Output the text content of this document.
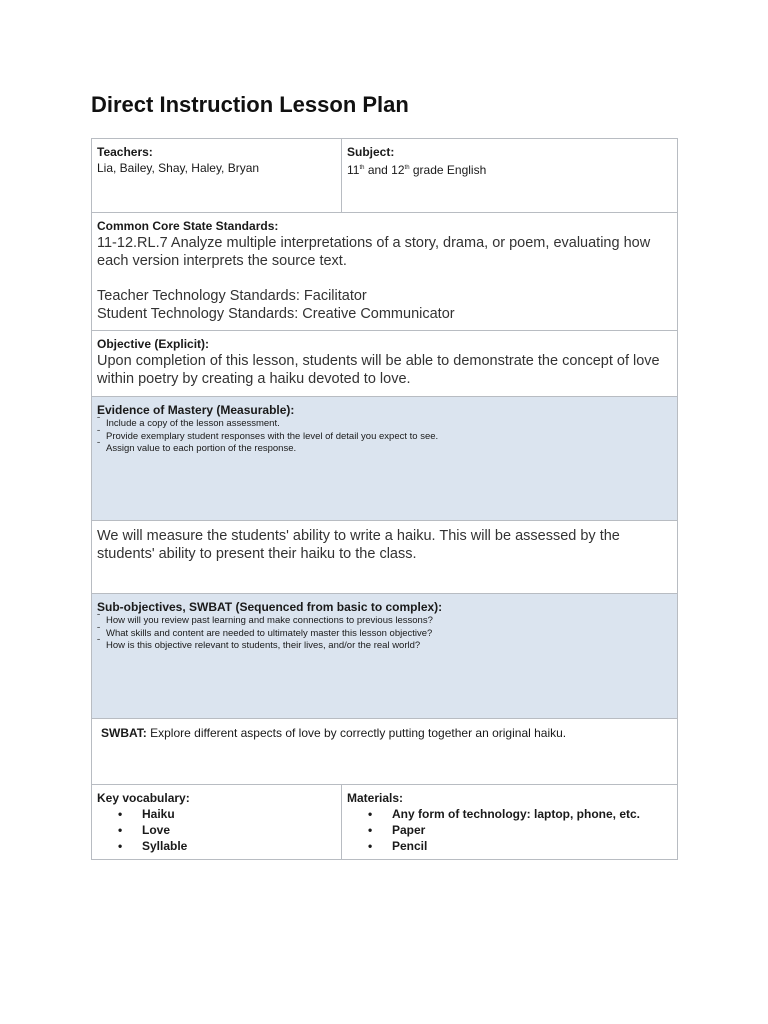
Direct Instruction Lesson Plan
Teachers:
Lia, Bailey, Shay, Haley, Bryan
Subject:
11th and 12th grade English
Common Core State Standards:
11-12.RL.7 Analyze multiple interpretations of a story, drama, or poem, evaluating how each version interprets the source text.
Teacher Technology Standards: Facilitator
Student Technology Standards: Creative Communicator
Objective (Explicit):
Upon completion of this lesson, students will be able to demonstrate the concept of love within poetry by creating a haiku devoted to love.
Evidence of Mastery (Measurable):
ˉ Include a copy of the lesson assessment.
ˉ Provide exemplary student responses with the level of detail you expect to see.
ˉ Assign value to each portion of the response.
We will measure the students' ability to write a haiku. This will be assessed by the students' ability to present their haiku to the class.
Sub-objectives, SWBAT (Sequenced from basic to complex):
ˉ How will you review past learning and make connections to previous lessons?
ˉ What skills and content are needed to ultimately master this lesson objective?
ˉ How is this objective relevant to students, their lives, and/or the real world?
SWBAT: Explore different aspects of love by correctly putting together an original haiku.
Key vocabulary:
• Haiku
• Love
• Syllable
Materials:
• Any form of technology: laptop, phone, etc.
• Paper
• Pencil
